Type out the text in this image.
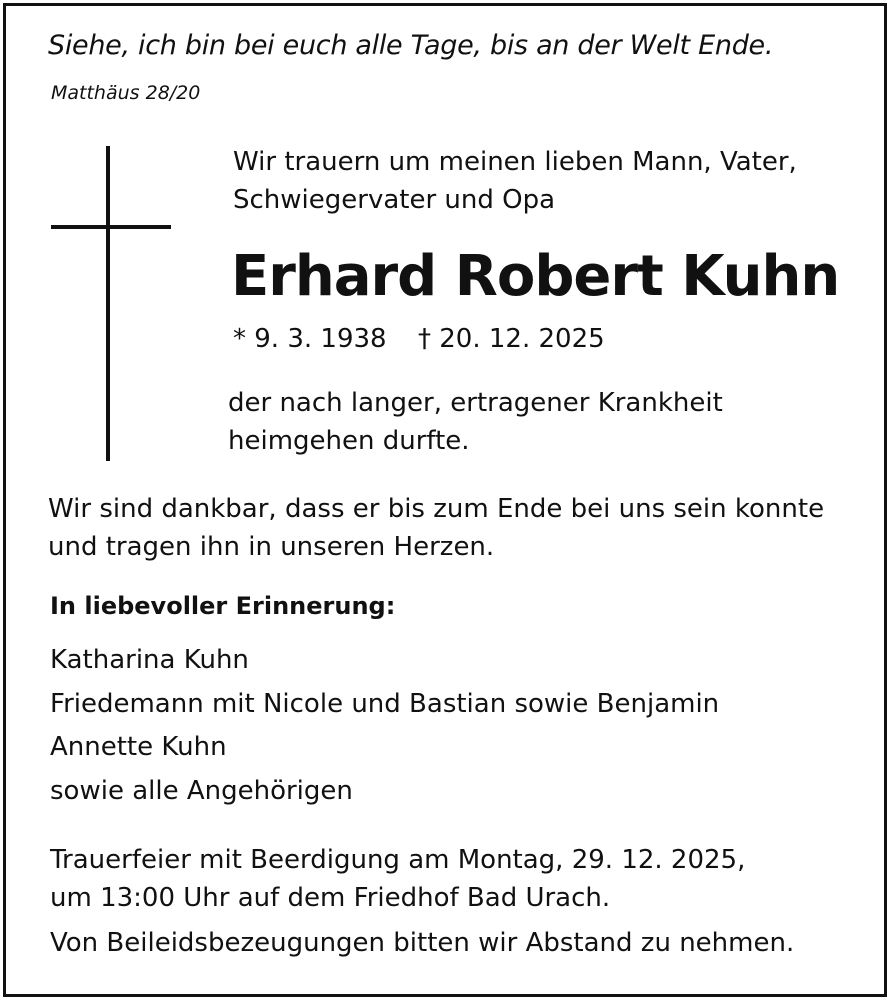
Siehe, ich bin bei euch alle Tage, bis an der Welt Ende.
Matthäus 28/20
Wir trauern um meinen lieben Mann, Vater,
Schwiegervater und Opa
Erhard Robert Kuhn
* 9. 3. 1938 † 20. 12. 2025
der nach langer, ertragener Krankheit
heimgehen durfte.
Wir sind dankbar, dass er bis zum Ende bei uns sein konnte
und tragen ihn in unseren Herzen.
In liebevoller Erinnerung:
Katharina Kuhn
Friedemann mit Nicole und Bastian sowie Benjamin
Annette Kuhn
sowie alle Angehörigen
Trauerfeier mit Beerdigung am Montag, 29. 12. 2025,
um 13:00 Uhr auf dem Friedhof Bad Urach.
Von Beileidsbezeugungen bitten wir Abstand zu nehmen.
